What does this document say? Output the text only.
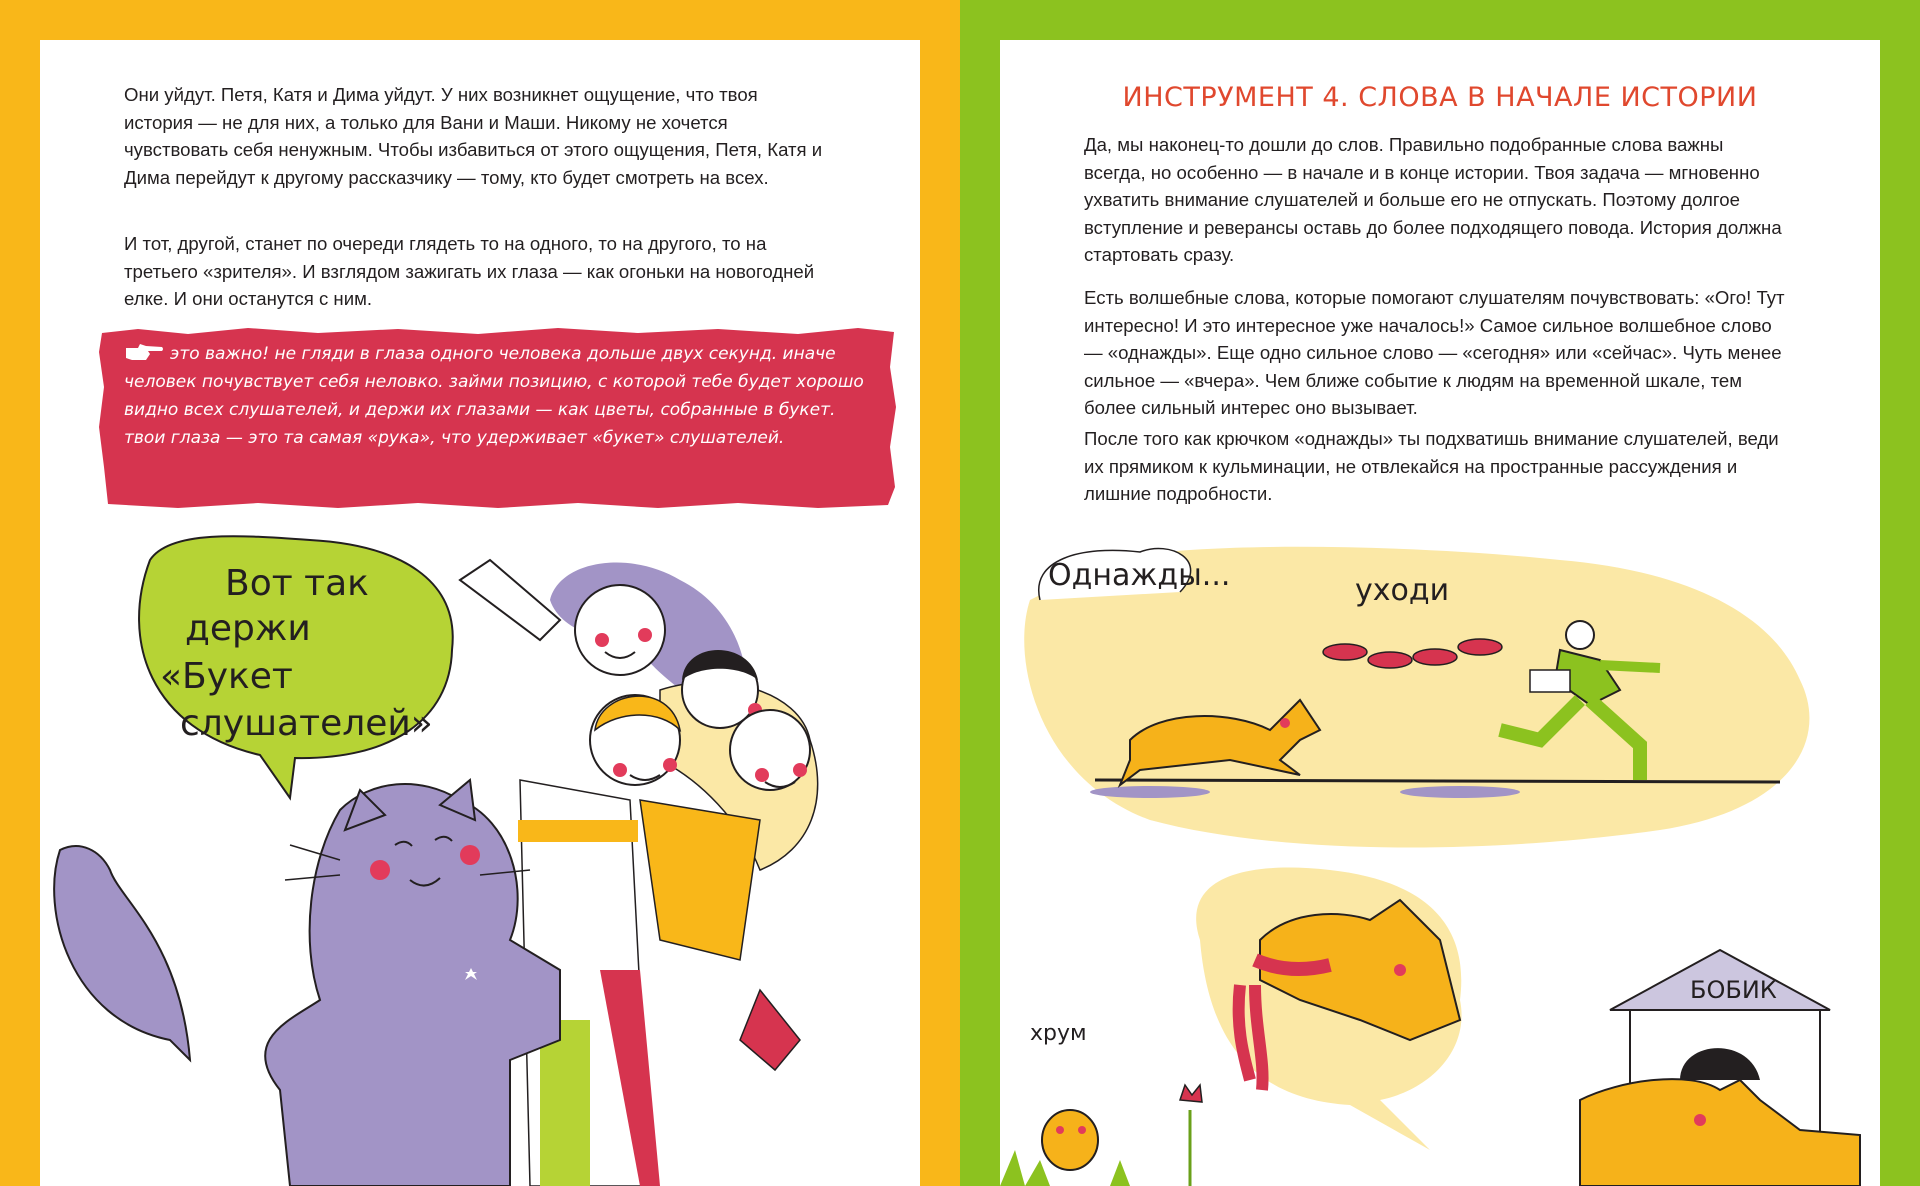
Они уйдут. Петя, Катя и Дима уйдут. У них возникнет ощущение, что твоя история — не для них, а только для Вани и Маши. Никому не хочется чувствовать себя ненужным. Чтобы избавиться от этого ощущения, Петя, Катя и Дима перейдут к другому рассказчику — тому, кто будет смотреть на всех.

И тот, другой, станет по очереди глядеть то на одного, то на другого, то на третьего «зрителя». И взглядом зажигать их глаза — как огоньки на новогодней елке. И они останутся с ним.

это важно! не гляди в глаза одного человека дольше двух секунд. иначе человек почувствует себя неловко. займи позицию, с которой тебе будет хорошо видно всех слушателей, и держи их глазами — как цветы, собранные в букет. твои глаза — это та самая «рука», что удерживает «букет» слушателей.

Вот так
держи
«Букет
слушателей»
ИНСТРУМЕНТ 4. СЛОВА В НАЧАЛЕ ИСТОРИИ

Да, мы наконец-то дошли до слов. Правильно подобранные слова важны всегда, но особенно — в начале и в конце истории. Твоя задача — мгновенно ухватить внимание слушателей и больше его не отпускать. Поэтому долгое вступление и реверансы оставь до более подходящего повода. История должна стартовать сразу.

Есть волшебные слова, которые помогают слушателям почувствовать: «Ого! Тут интересно! И это интересное уже началось!» Самое сильное волшебное слово — «однажды». Еще одно сильное слово — «сегодня» или «сейчас». Чуть менее сильное — «вчера». Чем ближе событие к людям на временной шкале, тем более сильный интерес оно вызывает.

После того как крючком «однажды» ты подхватишь внимание слушателей, веди их прямиком к кульминации, не отвлекайся на пространные рассуждения и лишние подробности.

Однажды...	уходи
БОБИК
хрум
